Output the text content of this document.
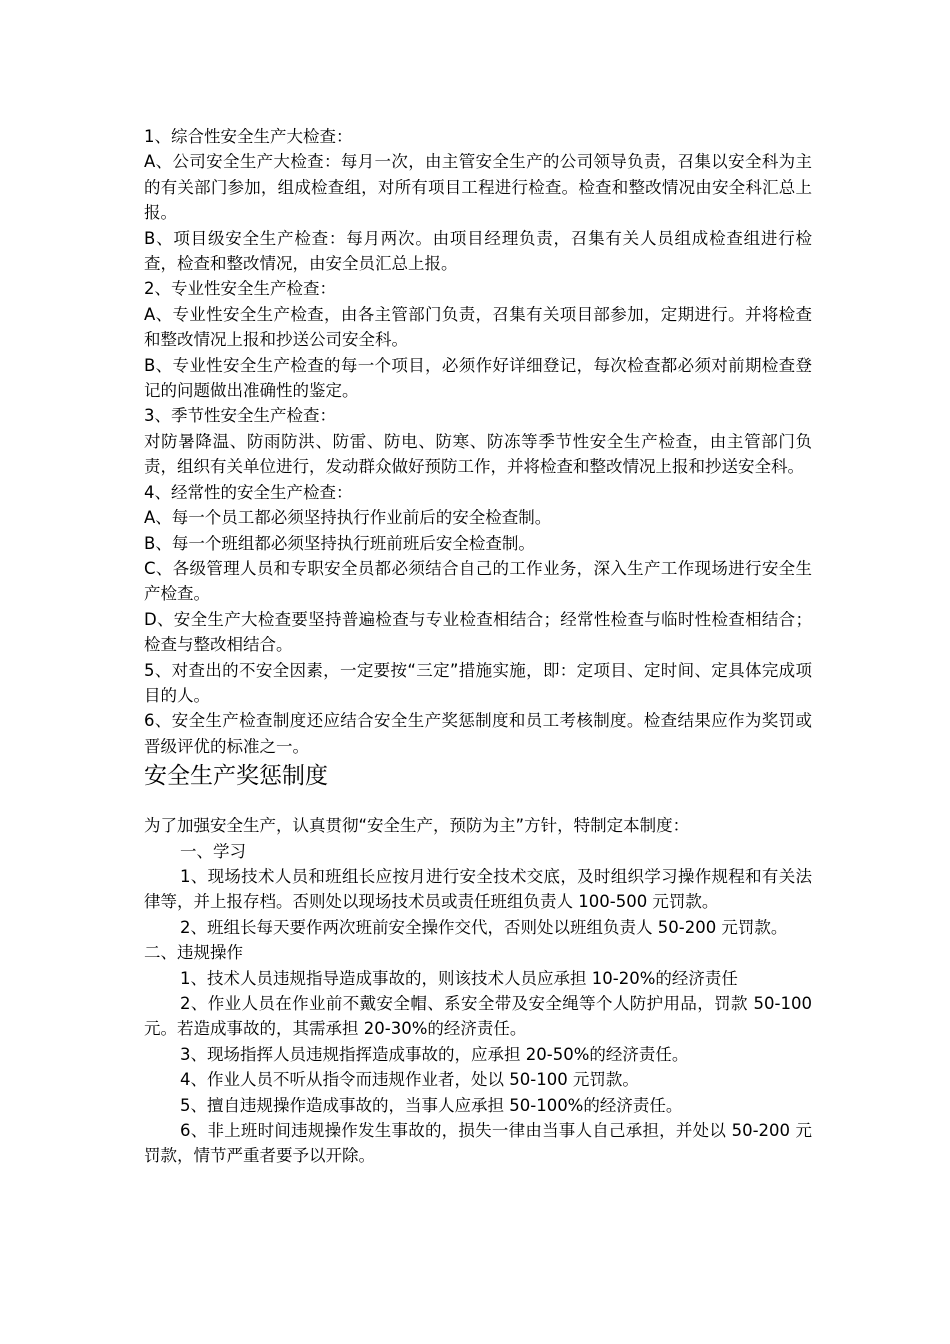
1、综合性安全生产大检查：

A、公司安全生产大检查：每月一次，由主管安全生产的公司领导负责，召集以安全科为主的有关部门参加，组成检查组，对所有项目工程进行检查。检查和整改情况由安全科汇总上报。

B、项目级安全生产检查：每月两次。由项目经理负责，召集有关人员组成检查组进行检查，检查和整改情况，由安全员汇总上报。

2、专业性安全生产检查：

A、专业性安全生产检查，由各主管部门负责，召集有关项目部参加，定期进行。并将检查和整改情况上报和抄送公司安全科。

B、专业性安全生产检查的每一个项目，必须作好详细登记，每次检查都必须对前期检查登记的问题做出准确性的鉴定。

3、季节性安全生产检查：

对防暑降温、防雨防洪、防雷、防电、防寒、防冻等季节性安全生产检查，由主管部门负责，组织有关单位进行，发动群众做好预防工作，并将检查和整改情况上报和抄送安全科。

4、经常性的安全生产检查：

A、每一个员工都必须坚持执行作业前后的安全检查制。

B、每一个班组都必须坚持执行班前班后安全检查制。

C、各级管理人员和专职安全员都必须结合自己的工作业务，深入生产工作现场进行安全生产检查。

D、安全生产大检查要坚持普遍检查与专业检查相结合；经常性检查与临时性检查相结合；检查与整改相结合。

5、对查出的不安全因素，一定要按“三定”措施实施，即：定项目、定时间、定具体完成项目的人。

6、安全生产检查制度还应结合安全生产奖惩制度和员工考核制度。检查结果应作为奖罚或晋级评优的标准之一。

安全生产奖惩制度

为了加强安全生产，认真贯彻“安全生产，预防为主”方针，特制定本制度：

一、学习

1、现场技术人员和班组长应按月进行安全技术交底，及时组织学习操作规程和有关法律等，并上报存档。否则处以现场技术员或责任班组负责人 100-500 元罚款。

2、班组长每天要作两次班前安全操作交代，否则处以班组负责人 50-200 元罚款。

二、违规操作

1、技术人员违规指导造成事故的，则该技术人员应承担 10-20%的经济责任

2、作业人员在作业前不戴安全帽、系安全带及安全绳等个人防护用品，罚款 50-100 元。若造成事故的，其需承担 20-30%的经济责任。

3、现场指挥人员违规指挥造成事故的，应承担 20-50%的经济责任。

4、作业人员不听从指令而违规作业者，处以 50-100 元罚款。

5、擅自违规操作造成事故的，当事人应承担 50-100%的经济责任。

6、非上班时间违规操作发生事故的，损失一律由当事人自己承担，并处以 50-200 元罚款，情节严重者要予以开除。
